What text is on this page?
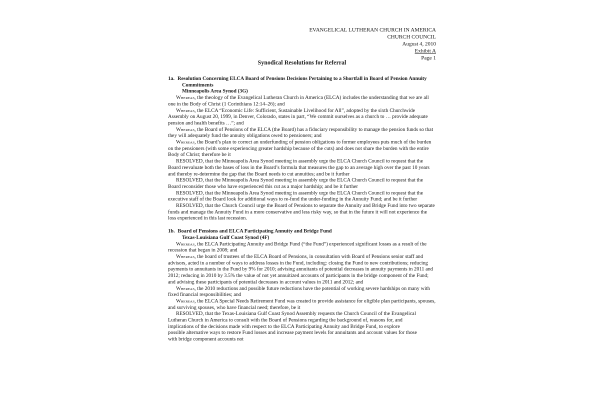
EVANGELICAL LUTHERAN CHURCH IN AMERICA
CHURCH COUNCIL
August 4, 2010
Exhibit A
Page 1
Synodical Resolutions for Referral
1a. Resolution Concerning ELCA Board of Pensions Decisions Pertaining to a Shortfall in Board of Pension Annuity Commitments
Minneapolis Area Synod (3G)
Whereas, the theology of the Evangelical Lutheran Church in America (ELCA) includes the understanding that we are all one in the Body of Christ (1 Corinthians 12:14–26); and
Whereas, the ELCA “Economic Life: Sufficient, Sustainable Livelihood for All”, adopted by the sixth Churchwide Assembly on August 20, 1999, in Denver, Colorado, states in part, “We commit ourselves as a church to … provide adequate pension and health benefits …”; and
Whereas, the Board of Pensions of the ELCA (the Board) has a fiduciary responsibility to manage the pension funds so that they will adequately fund the annuity obligations owed to pensioners; and
Whereas, the Board’s plan to correct an underfunding of pension obligations to former employees puts much of the burden on the pensioners (with some experiencing greater hardship because of the cuts) and does not share the burden with the entire Body of Christ; therefore be it
RESOLVED, that the Minneapolis Area Synod meeting in assembly urge the ELCA Church Council to request that the Board reevaluate both the bases of loss in the Board’s formula that measures the gap to an average high over the past 10 years and thereby re-determine the gap that the Board needs to cut annuities; and be it further
RESOLVED, that the Minneapolis Area Synod meeting in assembly urge the ELCA Church Council to request that the Board reconsider those who have experienced this cut as a major hardship; and be it further
RESOLVED, that the Minneapolis Area Synod meeting in assembly urge the ELCA Church Council to request that the executive staff of the Board look for additional ways to re-fund the under-funding in the Annuity Fund; and be it further
RESOLVED, that the Church Council urge the Board of Pensions to separate the Annuity and Bridge Fund into two separate funds and manage the Annuity Fund in a more conservative and less risky way, so that in the future it will not experience the loss experienced in this last recession.
1b. Board of Pensions and ELCA Participating Annuity and Bridge Fund
Texas-Louisiana Gulf Coast Synod (4F)
Whereas, the ELCA Participating Annuity and Bridge Fund (“the Fund”) experienced significant losses as a result of the recession that began in 2008; and
Whereas, the board of trustees of the ELCA Board of Pensions, in consultation with Board of Pensions senior staff and advisors, acted in a number of ways to address losses in the Fund, including: closing the Fund to new contributions; reducing payments to annuitants in the Fund by 9% for 2010; advising annuitants of potential decreases in annuity payments in 2011 and 2012; reducing in 2010 by 3.5% the value of not yet annuitized accounts of participants in the bridge component of the Fund; and advising these participants of potential decreases in account values in 2011 and 2012; and
Whereas, the 2010 reductions and possible future reductions have the potential of working severe hardships on many with fixed financial responsibilities; and
Whereas, the ELCA Special Needs Retirement Fund was created to provide assistance for eligible plan participants, spouses, and surviving spouses, who have financial need; therefore, be it
RESOLVED, that the Texas-Louisiana Gulf Coast Synod Assembly requests the Church Council of the Evangelical Lutheran Church in America to consult with the Board of Pensions regarding the background of, reasons for, and implications of the decisions made with respect to the ELCA Participating Annuity and Bridge Fund, to explore possible alternative ways to restore Fund losses and increase payment levels for annuitants and account values for those with bridge component accounts not
